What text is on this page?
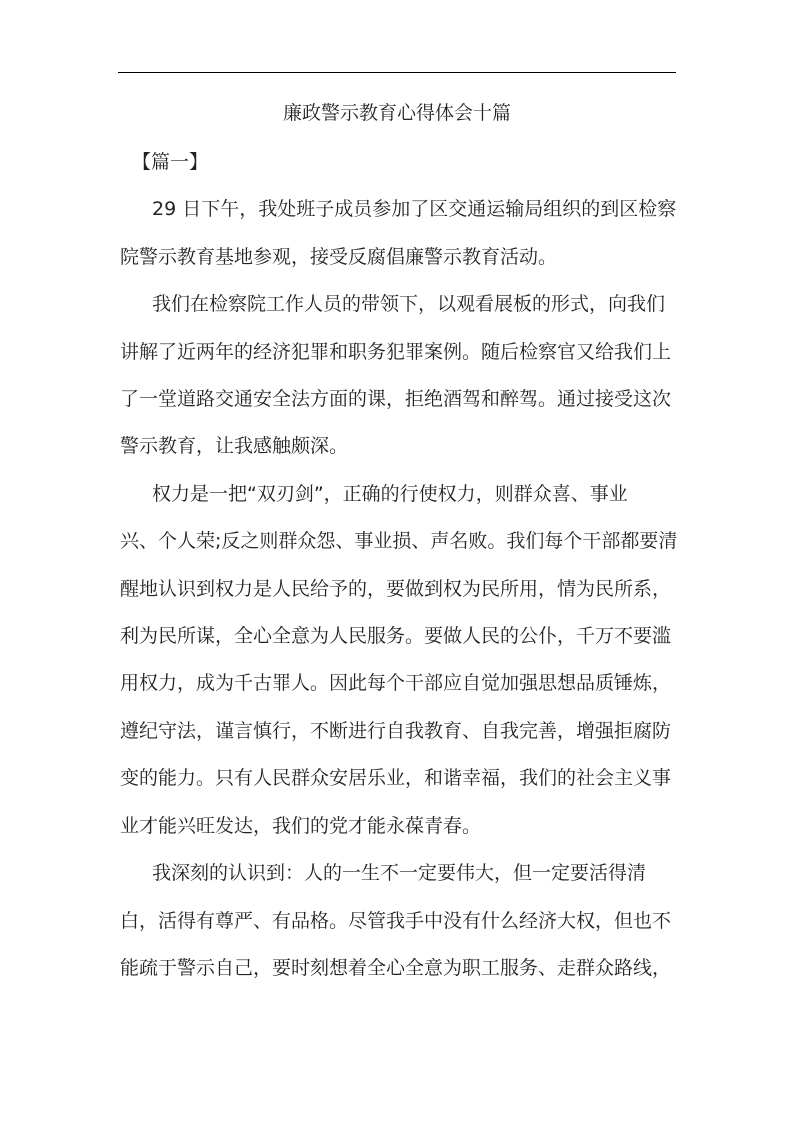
廉政警示教育心得体会十篇

【篇一】

29 日下午，我处班子成员参加了区交通运输局组织的到区检察
院警示教育基地参观，接受反腐倡廉警示教育活动。
我们在检察院工作人员的带领下，以观看展板的形式，向我们
讲解了近两年的经济犯罪和职务犯罪案例。随后检察官又给我们上
了一堂道路交通安全法方面的课，拒绝酒驾和醉驾。通过接受这次
警示教育，让我感触颇深。
权力是一把“双刃剑”，正确的行使权力，则群众喜、事业
兴、个人荣;反之则群众怨、事业损、声名败。我们每个干部都要清
醒地认识到权力是人民给予的，要做到权为民所用，情为民所系，
利为民所谋，全心全意为人民服务。要做人民的公仆，千万不要滥
用权力，成为千古罪人。因此每个干部应自觉加强思想品质锤炼，
遵纪守法，谨言慎行，不断进行自我教育、自我完善，增强拒腐防
变的能力。只有人民群众安居乐业，和谐幸福，我们的社会主义事
业才能兴旺发达，我们的党才能永葆青春。
我深刻的认识到：人的一生不一定要伟大，但一定要活得清
白，活得有尊严、有品格。尽管我手中没有什么经济大权，但也不
能疏于警示自己，要时刻想着全心全意为职工服务、走群众路线，
